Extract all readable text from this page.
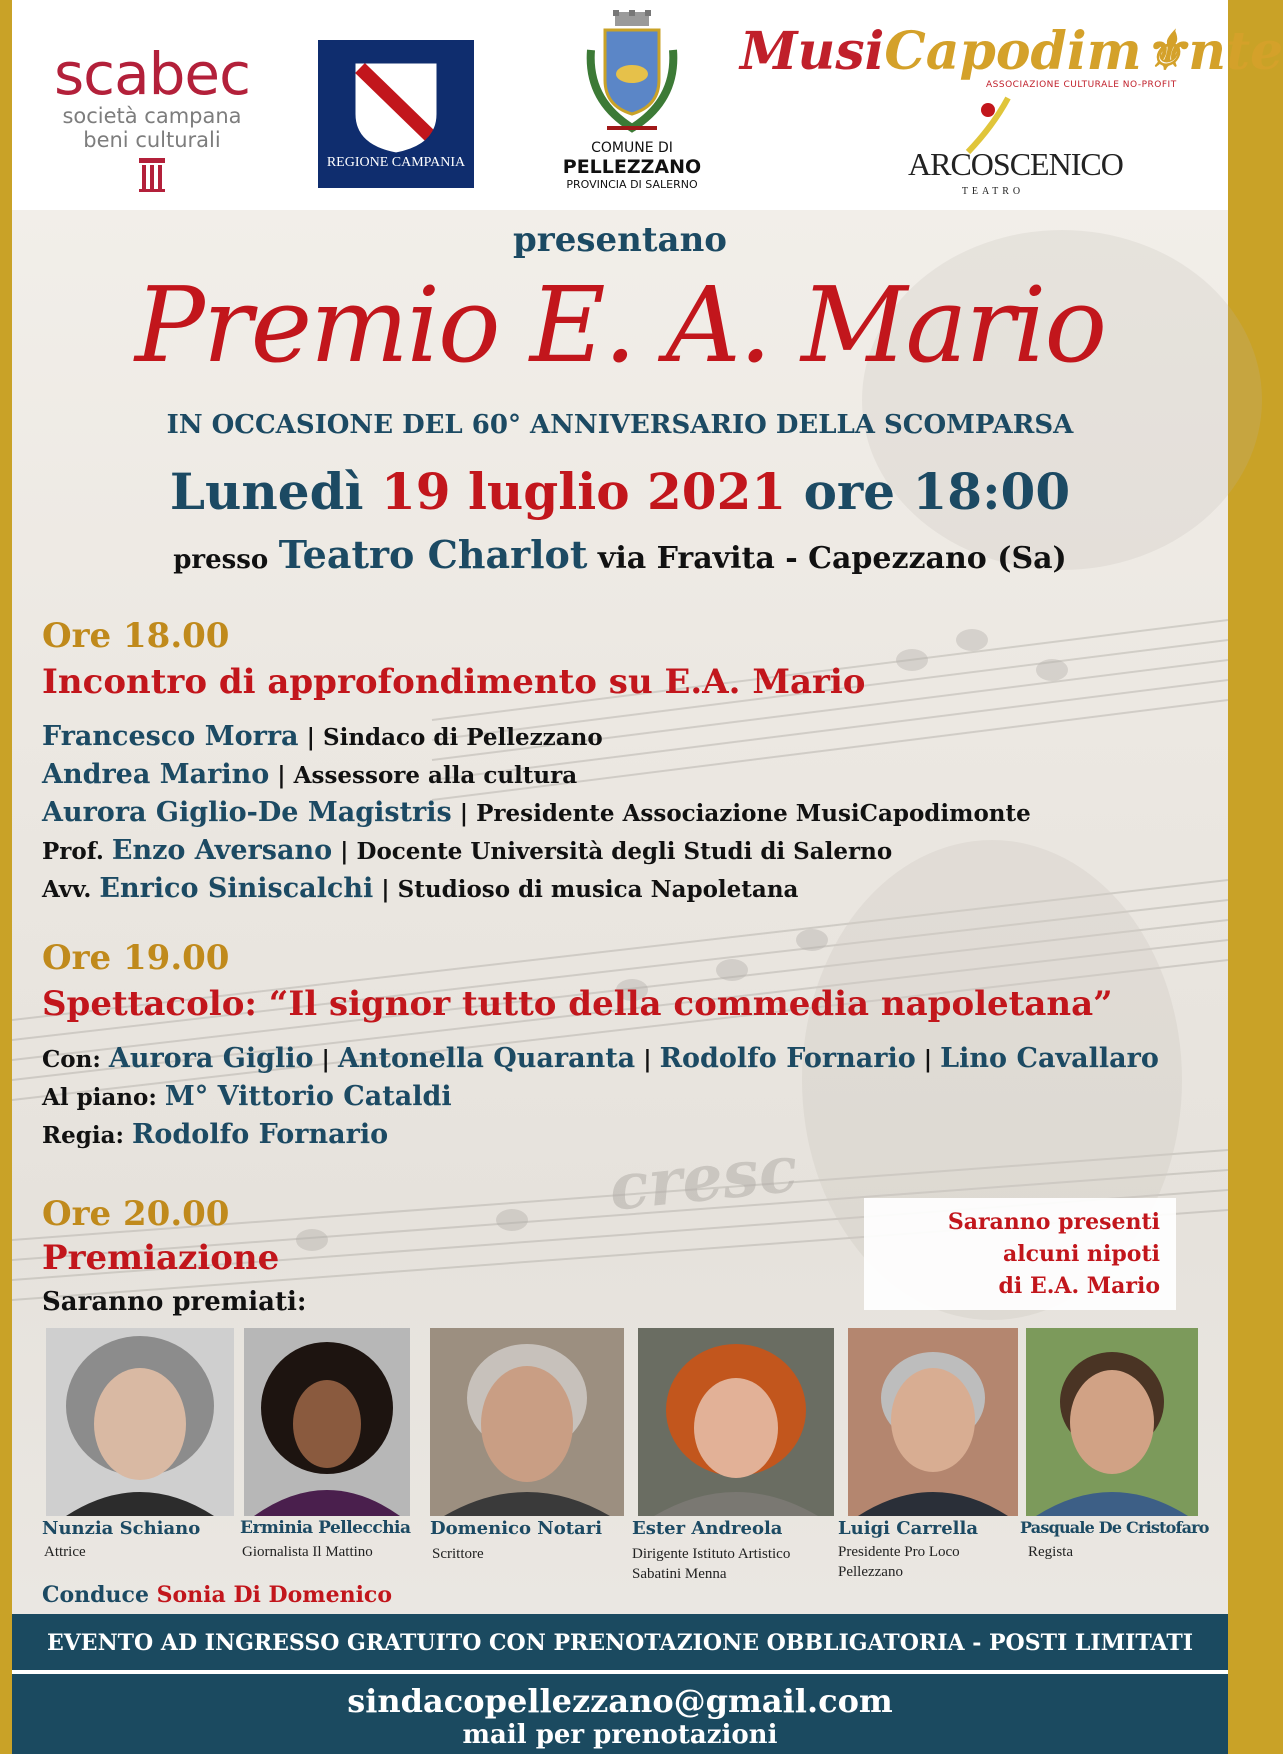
cresc
scabec
società campana
beni culturali
REGIONE CAMPANIA
COMUNE DI
PELLEZZANO
PROVINCIA DI SALERNO
MusiCapodim⚜nte
ASSOCIAZIONE CULTURALE NO-PROFIT
ARCOSCENICO
TEATRO
presentano
Premio E. A. Mario
IN OCCASIONE DEL 60° ANNIVERSARIO DELLA SCOMPARSA
Lunedì 19 luglio 2021 ore 18:00
presso Teatro Charlot via Fravita - Capezzano (Sa)
Ore 18.00
Incontro di approfondimento su E.A. Mario
Francesco Morra | Sindaco di Pellezzano
Andrea Marino | Assessore alla cultura
Aurora Giglio-De Magistris | Presidente Associazione MusiCapodimonte
Prof. Enzo Aversano | Docente Università degli Studi di Salerno
Avv. Enrico Siniscalchi | Studioso di musica Napoletana
Ore 19.00
Spettacolo: “Il signor tutto della commedia napoletana”
Con: Aurora Giglio | Antonella Quaranta | Rodolfo Fornario | Lino Cavallaro
Al piano: M° Vittorio Cataldi
Regia: Rodolfo Fornario
Ore 20.00
Premiazione
Saranno premiati:
Saranno presenti
alcuni nipoti
di E.A. Mario
Nunzia Schiano
Attrice
Erminia Pellecchia
Giornalista Il Mattino
Domenico Notari
Scrittore
Ester Andreola
Dirigente Istituto Artistico
Sabatini Menna
Luigi Carrella
Presidente Pro Loco
Pellezzano
Pasquale De Cristofaro
Regista
Conduce Sonia Di Domenico
EVENTO AD INGRESSO GRATUITO CON PRENOTAZIONE OBBLIGATORIA - POSTI LIMITATI
sindacopellezzano@gmail.com
mail per prenotazioni
